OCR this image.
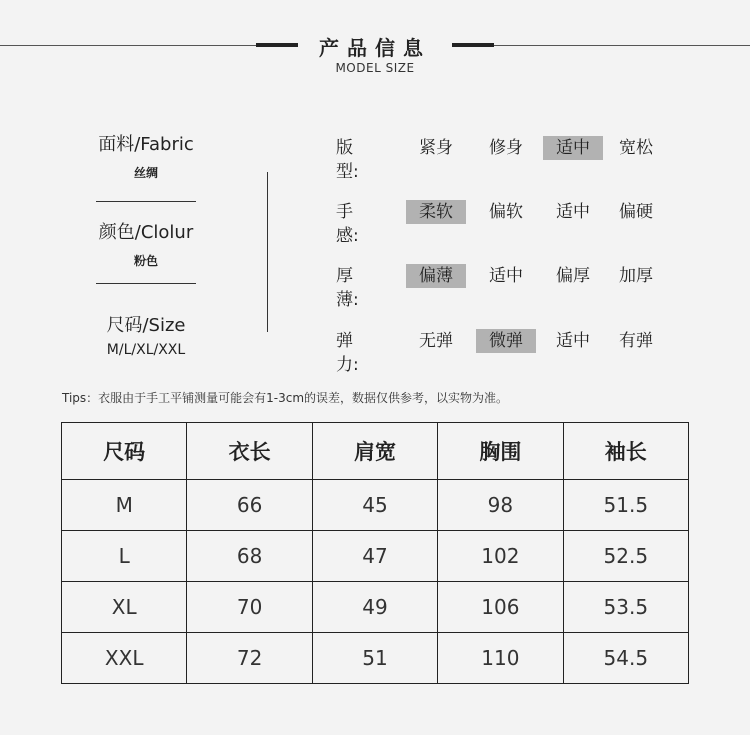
产品信息
MODEL SIZE
面料/Fabric
丝绸
颜色/Clolur
粉色
尺码/Size
M/L/XL/XXL
版型:
紧身	修身	适中	宽松
手感:
柔软	偏软	适中	偏硬
厚薄:
偏薄	适中	偏厚	加厚
弹力:
无弹	微弹	适中	有弹
Tips：衣服由于手工平铺测量可能会有1-3cm的误差，数据仅供参考，以实物为准。
尺码	衣长	肩宽	胸围	袖长
M	66	45	98	51.5
L	68	47	102	52.5
XL	70	49	106	53.5
XXL	72	51	110	54.5
